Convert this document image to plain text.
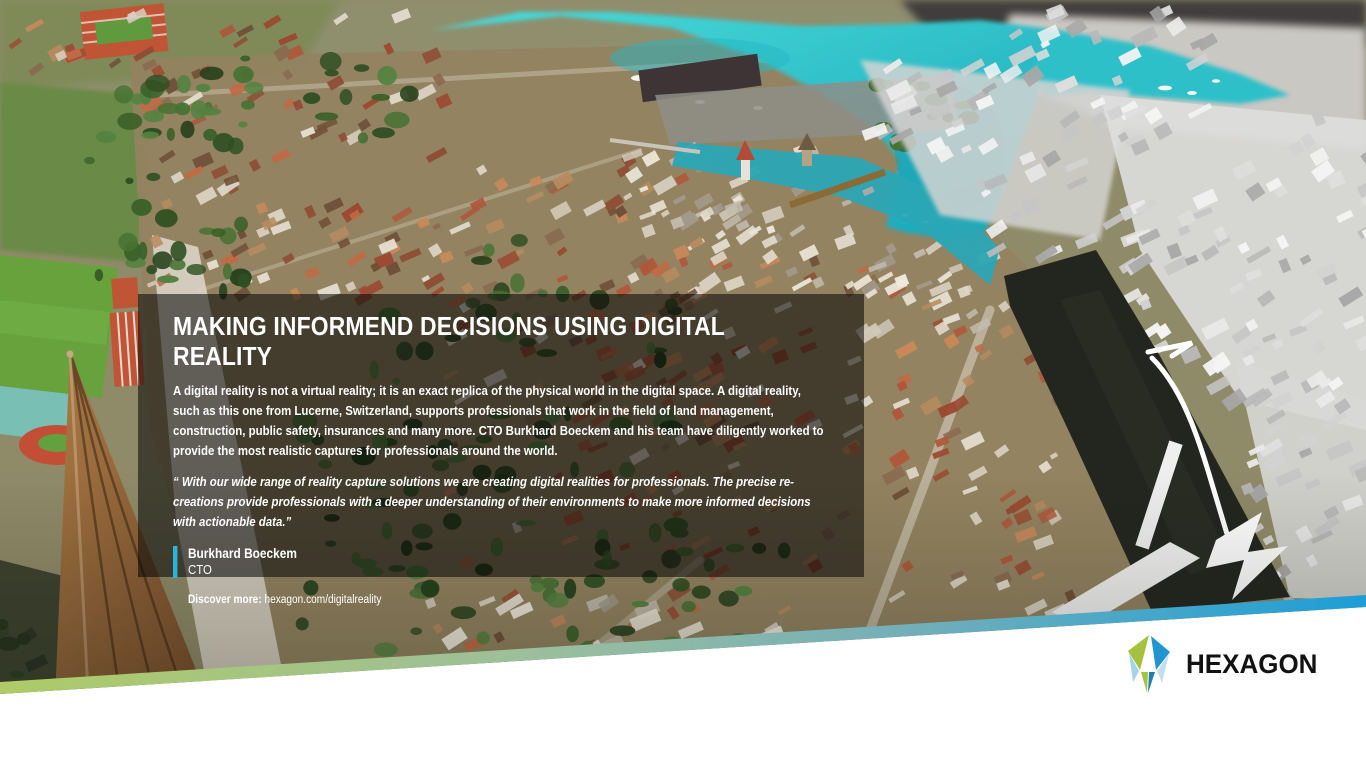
MAKING INFORMEND DECISIONS USING DIGITAL REALITY

A digital reality is not a virtual reality; it is an exact replica of the physical world in the digital space. A digital reality, such as this one from Lucerne, Switzerland, supports professionals that work in the field of land management, construction, public safety, insurances and many more. CTO Burkhard Boeckem and his team have diligently worked to provide the most realistic captures for professionals around the world.

“ With our wide range of reality capture solutions we are creating digital realities for professionals. The precise re-creations provide professionals with a deeper understanding of their environments to make more informed decisions with actionable data.”

Burkhard Boeckem
CTO
Discover more: hexagon.com/digitalreality
HEXAGON
